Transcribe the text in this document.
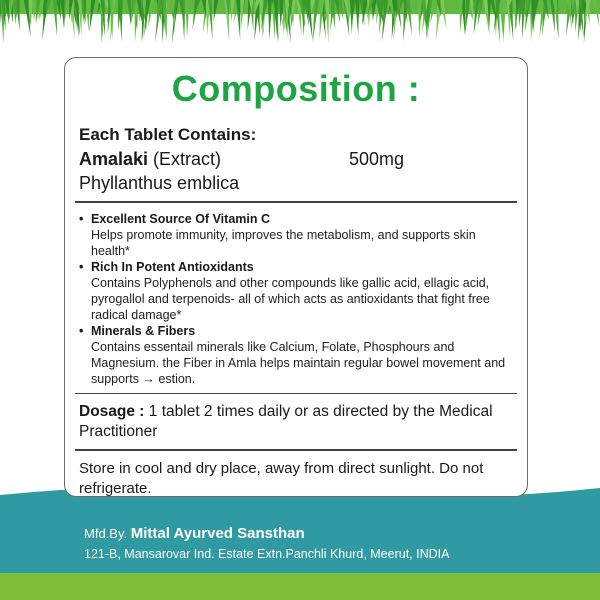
Composition :
Each Tablet Contains:
Amalaki (Extract)	500mg
Phyllanthus emblica
• Excellent Source Of Vitamin C
Helps promote immunity, improves the metabolism, and supports skin health*
• Rich In Potent Antioxidants
Contains Polyphenols and other compounds like gallic acid, ellagic acid, pyrogallol and terpenoids- all of which acts as antioxidants that fight free radical damage*
• Minerals & Fibers
Contains essentail minerals like Calcium, Folate, Phosphours and Magnesium. the Fiber in Amla helps maintain regular bowel movement and supports → estion.
Dosage : 1 tablet 2 times daily or as directed by the Medical Practitioner
Store in cool and dry place, away from direct sunlight. Do not refrigerate.
Mfd.By. Mittal Ayurved Sansthan
121-B, Mansarovar Ind. Estate Extn.Panchli Khurd, Meerut, INDIA
